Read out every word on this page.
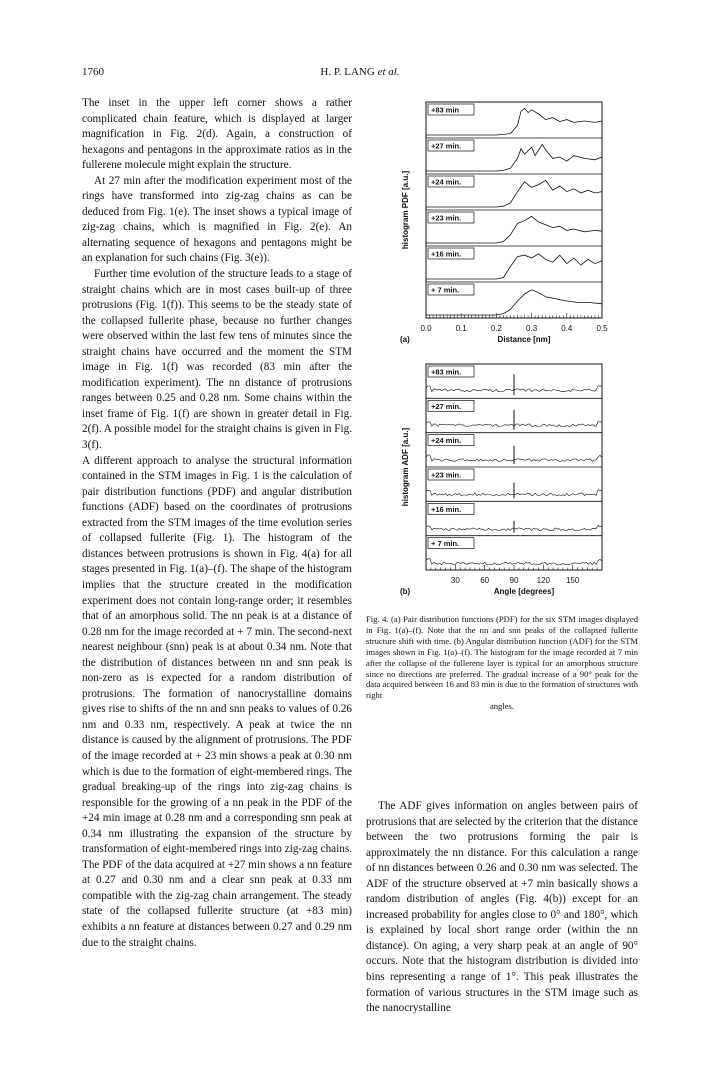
1760	H. P. LANG et al.

The inset in the upper left corner shows a rather complicated chain feature, which is displayed at larger magnification in Fig. 2(d). Again, a construction of hexagons and pentagons in the approximate ratios as in the fullerene molecule might explain the structure.

At 27 min after the modification experiment most of the rings have transformed into zig-zag chains as can be deduced from Fig. 1(e). The inset shows a typical image of zig-zag chains, which is magnified in Fig. 2(e). An alternating sequence of hexagons and pentagons might be an explanation for such chains (Fig. 3(e)).

Further time evolution of the structure leads to a stage of straight chains which are in most cases built-up of three protrusions (Fig. 1(f)). This seems to be the steady state of the collapsed fullerite phase, because no further changes were observed within the last few tens of minutes since the straight chains have occurred and the moment the STM image in Fig. 1(f) was recorded (83 min after the modification experiment). The nn distance of protrusions ranges between 0.25 and 0.28 nm. Some chains within the inset frame of Fig. 1(f) are shown in greater detail in Fig. 2(f). A possible model for the straight chains is given in Fig. 3(f).

A different approach to analyse the structural information contained in the STM images in Fig. 1 is the calculation of pair distribution functions (PDF) and angular distribution functions (ADF) based on the coordinates of protrusions extracted from the STM images of the time evolution series of collapsed fullerite (Fig. 1). The histogram of the distances between protrusions is shown in Fig. 4(a) for all stages presented in Fig. 1(a)–(f). The shape of the histogram implies that the structure created in the modification experiment does not contain long-range order; it resembles that of an amorphous solid. The nn peak is at a distance of 0.28 nm for the image recorded at + 7 min. The second-next nearest neighbour (snn) peak is at about 0.34 nm. Note that the distribution of distances between nn and snn peak is non-zero as is expected for a random distribution of protrusions. The formation of nanocrystalline domains gives rise to shifts of the nn and snn peaks to values of 0.26 nm and 0.33 nm, respectively. A peak at twice the nn distance is caused by the alignment of protrusions. The PDF of the image recorded at + 23 min shows a peak at 0.30 nm which is due to the formation of eight-membered rings. The gradual breaking-up of the rings into zig-zag chains is responsible for the growing of a nn peak in the PDF of the +24 min image at 0.28 nm and a corresponding snn peak at 0.34 nm illustrating the expansion of the structure by transformation of eight-membered rings into zig-zag chains. The PDF of the data acquired at +27 min shows a nn feature at 0.27 and 0.30 nm and a clear snn peak at 0.33 nm compatible with the zig-zag chain arrangement. The steady state of the collapsed fullerite structure (at +83 min) exhibits a nn feature at distances between 0.27 and 0.29 nm due to the straight chains.

+83 min
+27 min.
+24 min.
+23 min.
+16 min.
+ 7 min.
0.0	0.1	0.2	0.3	0.4	0.5
(a)	Distance [nm]
histogram PDF [a.u.]
+83 min.
+27 min.
+24 min.
+23 min.
+16 min.
+ 7 min.
30	60	90 120 150
(b)	Angle [degrees]
histogram ADF [a.u.]
Fig. 4. (a) Pair distribution functions (PDF) for the six STM images displayed in Fig. 1(a)–(f). Note that the nn and snn peaks of the collapsed fullerite structure shift with time. (b) Angular distribution function (ADF) for the STM images shown in Fig. 1(a)–(f). The histogram for the image recorded at 7 min after the collapse of the fullerene layer is typical for an amorphous structure since no directions are preferred. The gradual increase of a 90° peak for the data acquired between 16 and 83 min is due to the formation of structures with right
angles.

The ADF gives information on angles between pairs of protrusions that are selected by the criterion that the distance between the two protrusions forming the pair is approximately the nn distance. For this calculation a range of nn distances between 0.26 and 0.30 nm was selected. The ADF of the structure observed at +7 min basically shows a random distribution of angles (Fig. 4(b)) except for an increased probability for angles close to 0° and 180°, which is explained by local short range order (within the nn distance). On aging, a very sharp peak at an angle of 90° occurs. Note that the histogram distribution is divided into bins representing a range of 1°. This peak illustrates the formation of various structures in the STM image such as the nanocrystalline
